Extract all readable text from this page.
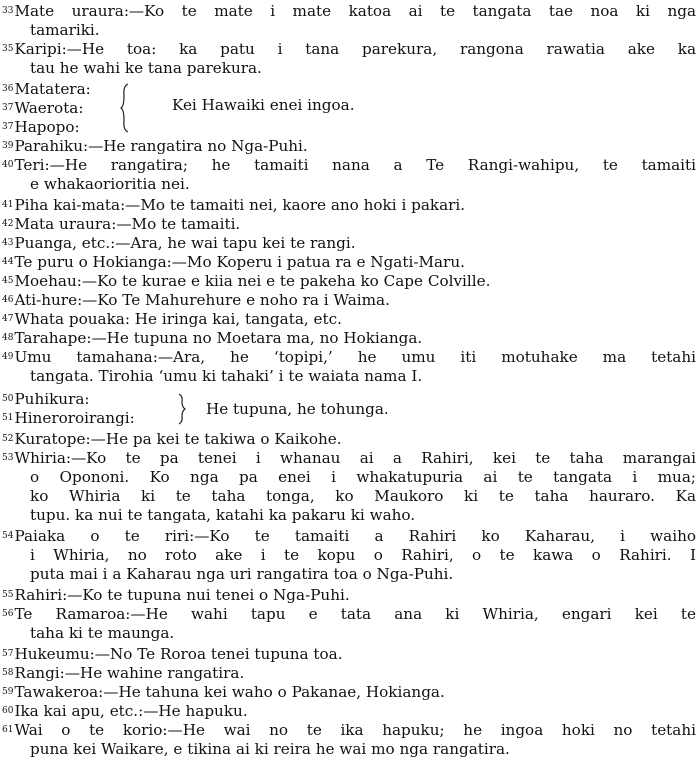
33Mate uraura:—Ko te mate i mate katoa ai te tangata tae noa ki nga
tamariki.
35Karipi:—He toa: ka patu i tana parekura, rangona rawatia ake ka
tau he wahi ke tana parekura.
36Matatera:
37Waerota:
37Hapopo:
Kei Hawaiki enei ingoa.
39Parahiku:—He rangatira no Nga-Puhi.
40Teri:—He rangatira; he tamaiti nana a Te Rangi-wahipu, te tamaiti
e whakaorioritia nei.
41Piha kai-mata:—Mo te tamaiti nei, kaore ano hoki i pakari.
42Mata uraura:—Mo te tamaiti.
43Puanga, etc.:—Ara, he wai tapu kei te rangi.
44Te puru o Hokianga:—Mo Koperu i patua ra e Ngati-Maru.
45Moehau:—Ko te kurae e kiia nei e te pakeha ko Cape Colville.
46Ati-hure:—Ko Te Mahurehure e noho ra i Waima.
47Whata pouaka: He iringa kai, tangata, etc.
48Tarahape:—He tupuna no Moetara ma, no Hokianga.
49Umu tamahana:—Ara, he ‘topipi,’ he umu iti motuhake ma tetahi
tangata. Tirohia ‘umu ki tahaki’ i te waiata nama I.
50Puhikura:
51Hineroroirangi:	He tupuna, he tohunga.
52Kuratope:—He pa kei te takiwa o Kaikohe.
53Whiria:—Ko te pa tenei i whanau ai a Rahiri, kei te taha marangai
o Opononi. Ko nga pa enei i whakatupuria ai te tangata i mua;
ko Whiria ki te taha tonga, ko Maukoro ki te taha hauraro. Ka
tupu. ka nui te tangata, katahi ka pakaru ki waho.
54Paiaka o te riri:—Ko te tamaiti a Rahiri ko Kaharau, i waiho
i Whiria, no roto ake i te kopu o Rahiri, o te kawa o Rahiri. I
puta mai i a Kaharau nga uri rangatira toa o Nga-Puhi.
55Rahiri:—Ko te tupuna nui tenei o Nga-Puhi.
56Te Ramaroa:—He wahi tapu e tata ana ki Whiria, engari kei te
taha ki te maunga.
57Hukeumu:—No Te Roroa tenei tupuna toa.
58Rangi:—He wahine rangatira.
59Tawakeroa:—He tahuna kei waho o Pakanae, Hokianga.
60Ika kai apu, etc.:—He hapuku.
61Wai o te korio:—He wai no te ika hapuku; he ingoa hoki no tetahi
puna kei Waikare, e tikina ai ki reira he wai mo nga rangatira.
